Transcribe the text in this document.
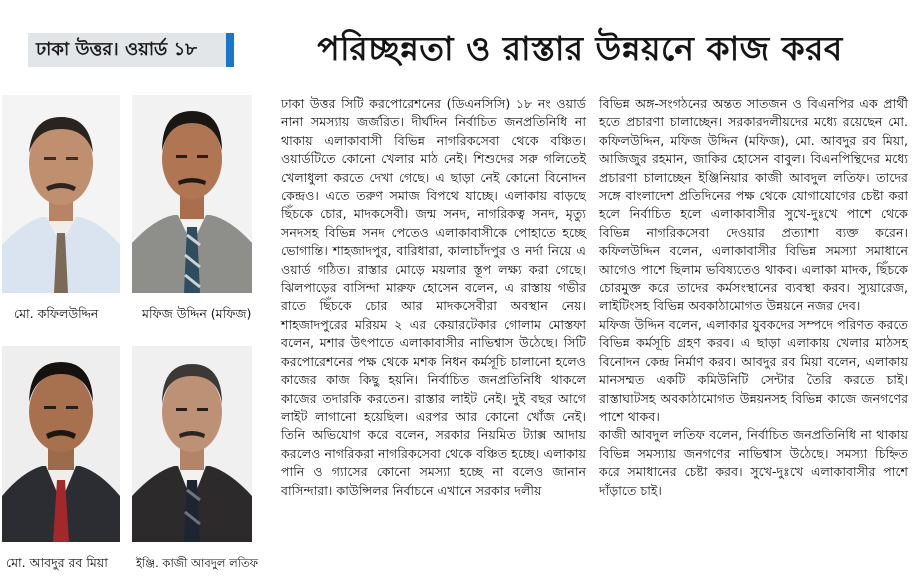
ঢাকা উত্তর। ওয়ার্ড ১৮	পরিচ্ছন্নতা ও রাস্তার উন্নয়নে কাজ করব
মো. কফিলউদ্দিন	মফিজ উদ্দিন (মফিজ)
মো. আবদুর রব মিয়া ইঞ্জি. কাজী আবদুল লতিফ

ঢাকা উত্তর সিটি করপোরেশনের (ডিএনসিসি) ১৮ নং ওয়ার্ড নানা সমস্যায় জর্জরিত। দীর্ঘদিন নির্বাচিত জনপ্রতিনিধি না থাকায় এলাকাবাসী বিভিন্ন নাগরিকসেবা থেকে বঞ্চিত। ওয়ার্ডটিতে কোনো খেলার মাঠ নেই। শিশুদের সরু গলিতেই খেলাধুলা করতে দেখা গেছে। এ ছাড়া নেই কোনো বিনোদন কেন্দ্রও। এতে তরুণ সমাজ বিপথে যাচ্ছে। এলাকায় বাড়ছে ছিঁচকে চোর, মাদকসেবী। জন্ম সনদ, নাগরিকত্ব সনদ, মৃত্যু সনদসহ বিভিন্ন সনদ পেতেও এলাকাবাসীকে পোহাতে হচ্ছে ভোগান্তি। শাহজাদপুর, বারিধারা, কালাচাঁদপুর ও নর্দা নিয়ে এ ওয়ার্ড গঠিত। রাস্তার মোড়ে ময়লার স্তূপ লক্ষ্য করা গেছে। ঝিলপাড়ের বাসিন্দা মারুফ হোসেন বলেন, এ রাস্তায় গভীর রাতে ছিঁচকে চোর আর মাদকসেবীরা অবস্থান নেয়। শাহজাদপুরের মরিয়ম ২ এর কেয়ারটেকার গোলাম মোস্তফা বলেন, মশার উৎপাতে এলাকাবাসীর নাভিশ্বাস উঠেছে। সিটি করপোরেশনের পক্ষ থেকে মশক নিধন কর্মসূচি চালানো হলেও কাজের কাজ কিছু হয়নি। নির্বাচিত জনপ্রতিনিধি থাকলে কাজের তদারকি করতেন। রাস্তার লাইট নেই। দুই বছর আগে লাইট লাগানো হয়েছিল। এরপর আর কোনো খোঁজ নেই। তিনি অভিযোগ করে বলেন, সরকার নিয়মিত ট্যাক্স আদায় করলেও নাগরিকরা নাগরিকসেবা থেকে বঞ্চিত হচ্ছে। এলাকায় পানি ও গ্যাসের কোনো সমস্যা হচ্ছে না বলেও জানান বাসিন্দারা। কাউন্সিলর নির্বাচনে এখানে সরকার দলীয়

বিভিন্ন অঙ্গ-সংগঠনের অন্তত সাতজন ও বিএনপির এক প্রার্থী হতে প্রচারণা চালাচ্ছেন। সরকারদলীয়দের মধ্যে রয়েছেন মো. কফিলউদ্দিন, মফিজ উদ্দিন (মফিজ), মো. আবদুর রব মিয়া, আজিজুর রহমান, জাকির হোসেন বাবুল। বিএনপিন্থিদের মধ্যে প্রচারণা চালাচ্ছেন ইঞ্জিনিয়ার কাজী আবদুল লতিফ। তাদের সঙ্গে বাংলাদেশ প্রতিদিনের পক্ষ থেকে যোগাযোগের চেষ্টা করা হলে নির্বাচিত হলে এলাকাবাসীর সুখে-দুঃখে পাশে থেকে বিভিন্ন নাগরিকসেবা দেওয়ার প্রত্যাশা ব্যক্ত করেন। কফিলউদ্দিন বলেন, এলাকাবাসীর বিভিন্ন সমস্যা সমাধানে আগেও পাশে ছিলাম ভবিষ্যতেও থাকব। এলাকা মাদক, ছিঁচকে চোরমুক্ত করে তাদের কর্মসংস্থানের ব্যবস্থা করব। স্যুয়ারেজ, লাইটিংসহ বিভিন্ন অবকাঠামোগত উন্নয়নে নজর দেব।

মফিজ উদ্দিন বলেন, এলাকার যুবকদের সম্পদে পরিণত করতে বিভিন্ন কর্মসূচি গ্রহণ করব। এ ছাড়া এলাকায় খেলার মাঠসহ বিনোদন কেন্দ্র নির্মাণ করব। আবদুর রব মিয়া বলেন, এলাকায় মানসম্মত একটি কমিউনিটি সেন্টার তৈরি করতে চাই। রাস্তাঘাটসহ অবকাঠামোগত উন্নয়নসহ বিভিন্ন কাজে জনগণের পাশে থাকব।

কাজী আবদুল লতিফ বলেন, নির্বাচিত জনপ্রতিনিধি না থাকায় বিভিন্ন সমস্যায় জনগণের নাভিশ্বাস উঠেছে। সমস্যা চিহ্নিত করে সমাধানের চেষ্টা করব। সুখে-দুঃখে এলাকাবাসীর পাশে দাঁড়াতে চাই।
